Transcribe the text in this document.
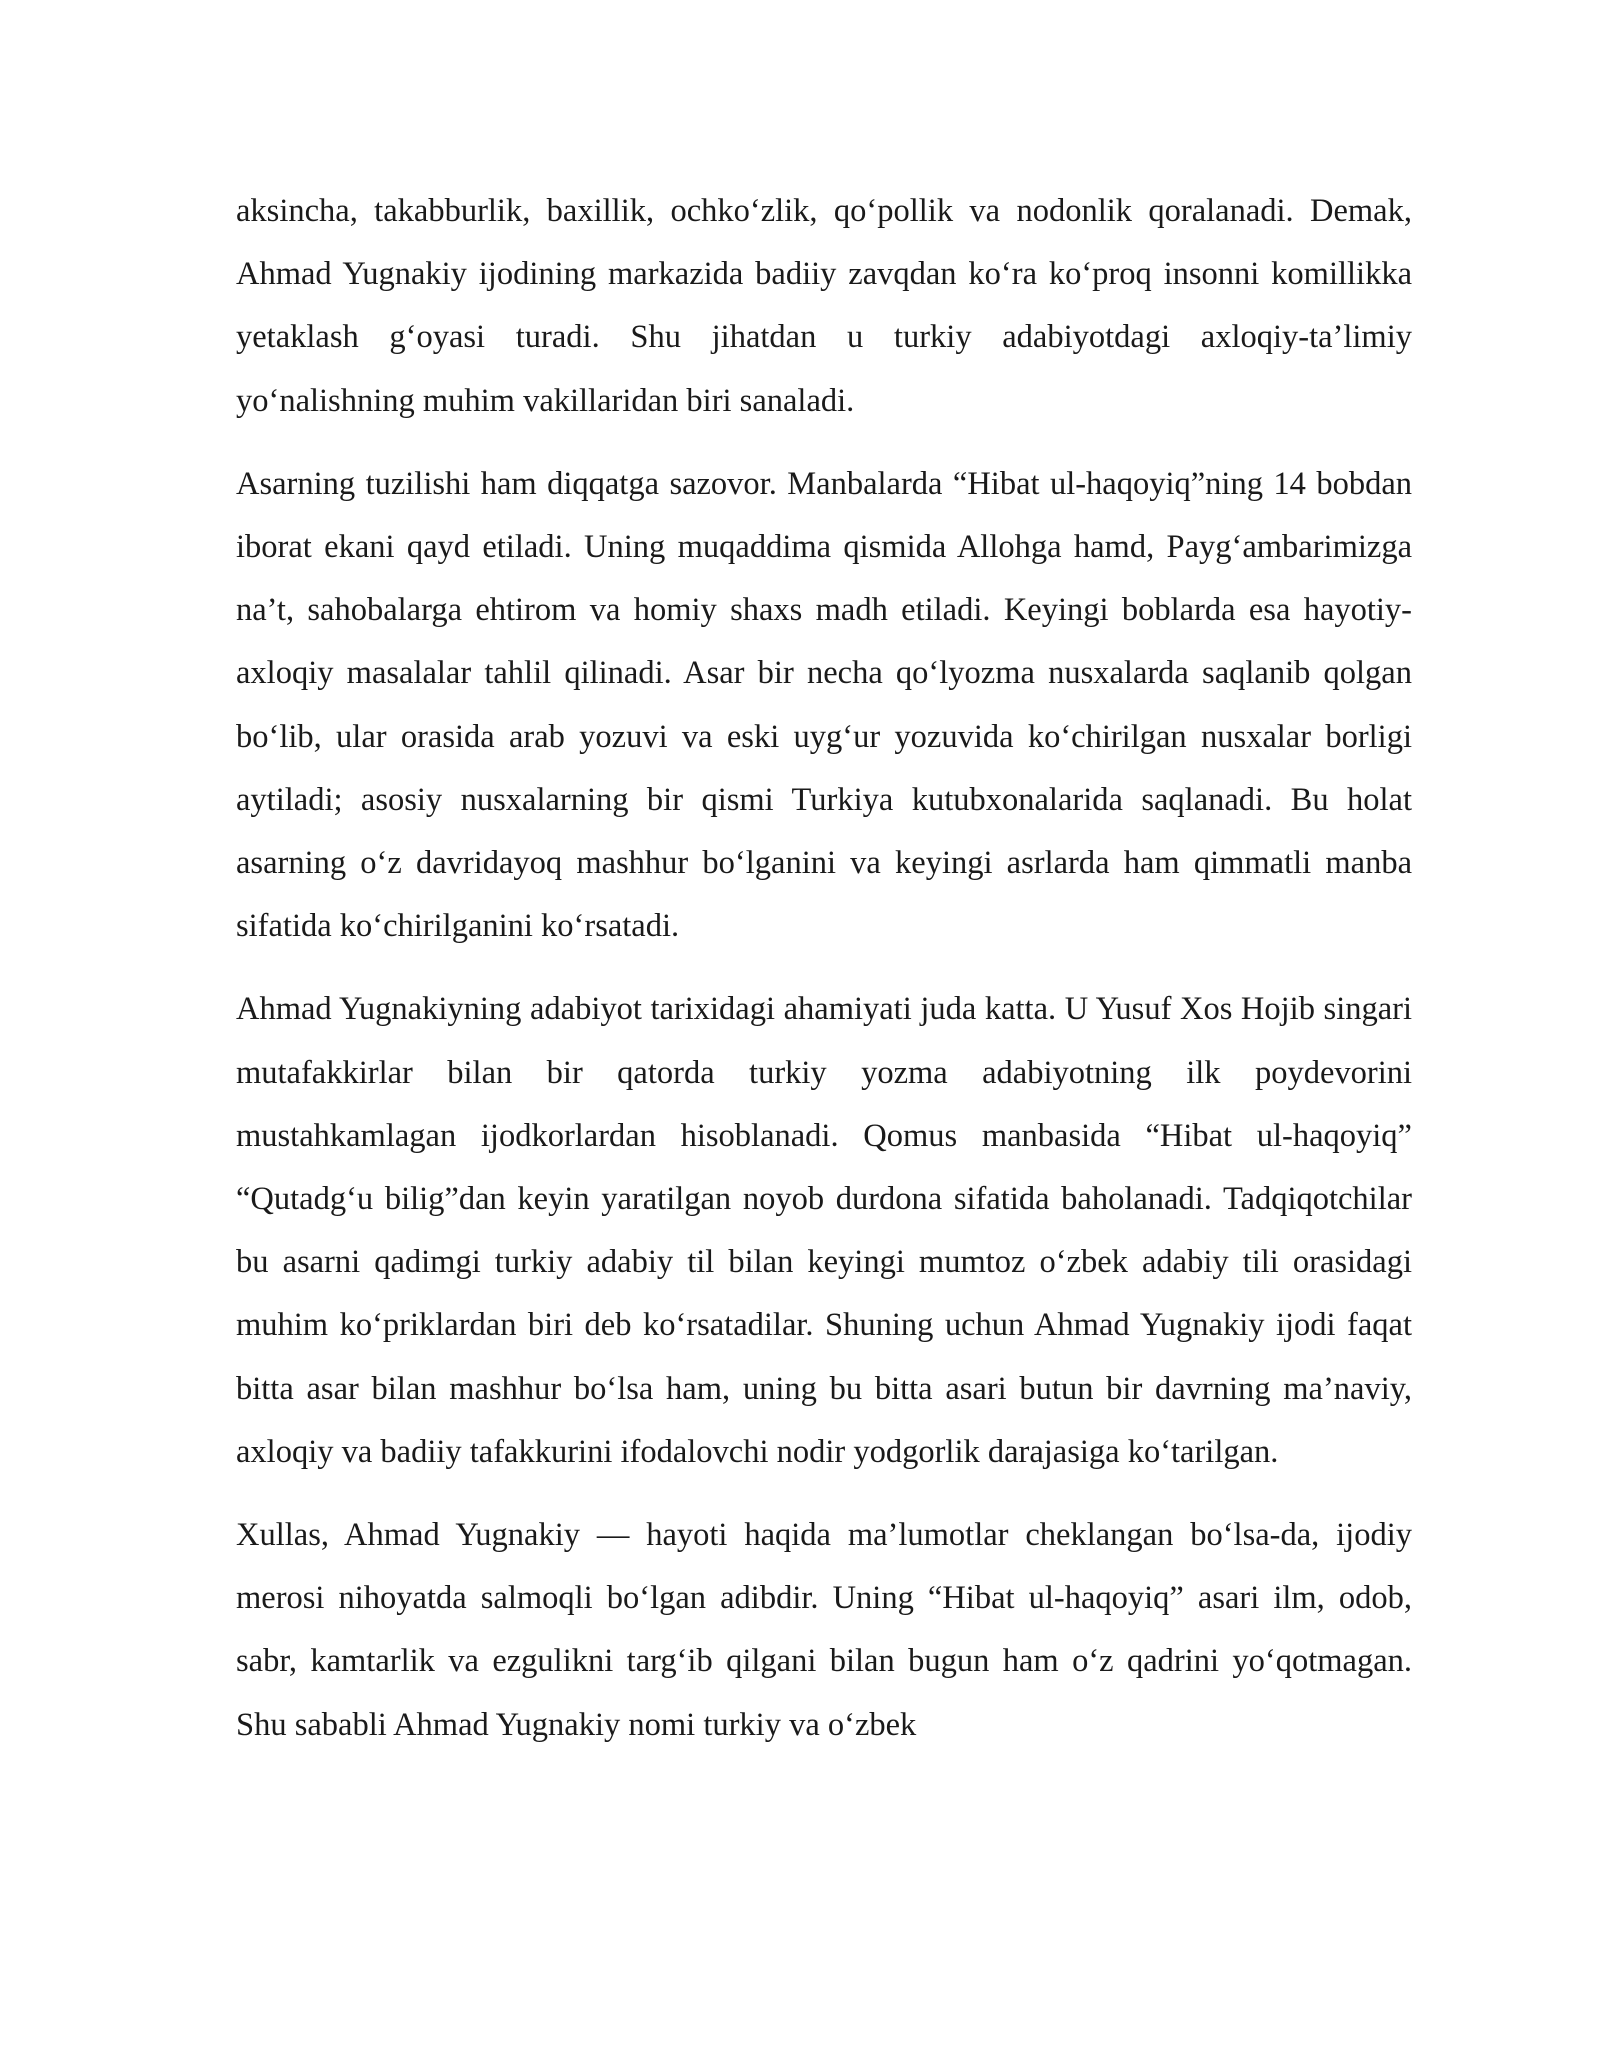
aksincha, takabburlik, baxillik, ochko‘zlik, qo‘pollik va nodonlik qoralanadi. Demak, Ahmad Yugnakiy ijodining markazida badiiy zavqdan ko‘ra ko‘proq insonni komillikka yetaklash g‘oyasi turadi. Shu jihatdan u turkiy adabiyotdagi axloqiy-ta’limiy yo‘nalishning muhim vakillaridan biri sanaladi.

Asarning tuzilishi ham diqqatga sazovor. Manbalarda “Hibat ul-haqoyiq”ning 14 bobdan iborat ekani qayd etiladi. Uning muqaddima qismida Allohga hamd, Payg‘ambarimizga na’t, sahobalarga ehtirom va homiy shaxs madh etiladi. Keyingi boblarda esa hayotiy-axloqiy masalalar tahlil qilinadi. Asar bir necha qo‘lyozma nusxalarda saqlanib qolgan bo‘lib, ular orasida arab yozuvi va eski uyg‘ur yozuvida ko‘chirilgan nusxalar borligi aytiladi; asosiy nusxalarning bir qismi Turkiya kutubxonalarida saqlanadi. Bu holat asarning o‘z davridayoq mashhur bo‘lganini va keyingi asrlarda ham qimmatli manba sifatida ko‘chirilganini ko‘rsatadi.

Ahmad Yugnakiyning adabiyot tarixidagi ahamiyati juda katta. U Yusuf Xos Hojib singari mutafakkirlar bilan bir qatorda turkiy yozma adabiyotning ilk poydevorini mustahkamlagan ijodkorlardan hisoblanadi. Qomus manbasida “Hibat ul-haqoyiq” “Qutadg‘u bilig”dan keyin yaratilgan noyob durdona sifatida baholanadi. Tadqiqotchilar bu asarni qadimgi turkiy adabiy til bilan keyingi mumtoz o‘zbek adabiy tili orasidagi muhim ko‘priklardan biri deb ko‘rsatadilar. Shuning uchun Ahmad Yugnakiy ijodi faqat bitta asar bilan mashhur bo‘lsa ham, uning bu bitta asari butun bir davrning ma’naviy, axloqiy va badiiy tafakkurini ifodalovchi nodir yodgorlik darajasiga ko‘tarilgan.

Xullas, Ahmad Yugnakiy — hayoti haqida ma’lumotlar cheklangan bo‘lsa-da, ijodiy merosi nihoyatda salmoqli bo‘lgan adibdir. Uning “Hibat ul-haqoyiq” asari ilm, odob, sabr, kamtarlik va ezgulikni targ‘ib qilgani bilan bugun ham o‘z qadrini yo‘qotmagan. Shu sababli Ahmad Yugnakiy nomi turkiy va o‘zbek
